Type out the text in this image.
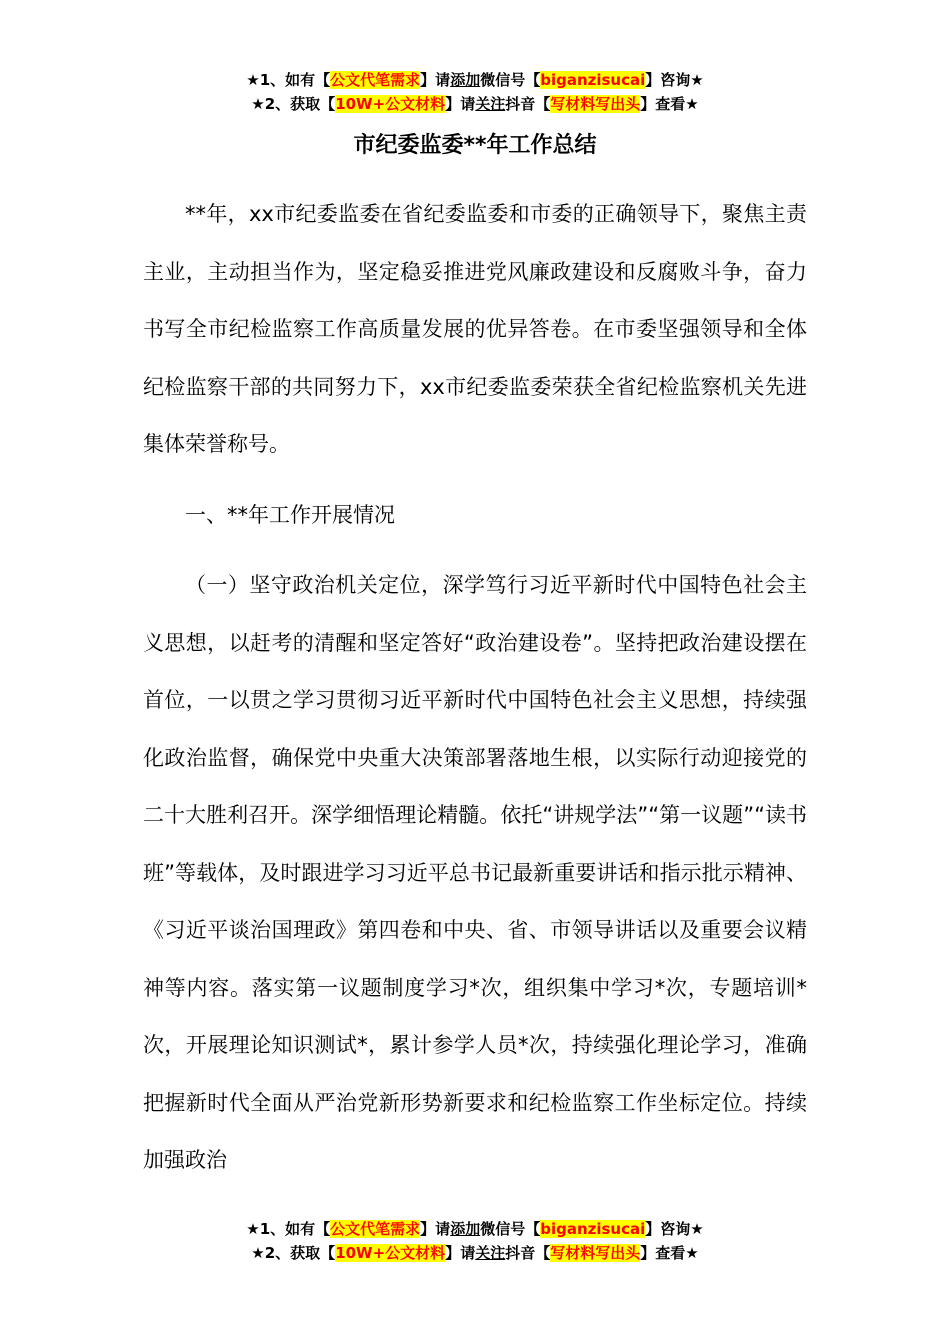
★1、如有【公文代笔需求】请添加微信号【biganzisucai】咨询★
★2、获取【10W+公文材料】请关注抖音【写材料写出头】查看★
市纪委监委**年工作总结

**年，xx市纪委监委在省纪委监委和市委的正确领导下，聚焦主责主业，主动担当作为，坚定稳妥推进党风廉政建设和反腐败斗争，奋力书写全市纪检监察工作高质量发展的优异答卷。在市委坚强领导和全体纪检监察干部的共同努力下，xx市纪委监委荣获全省纪检监察机关先进集体荣誉称号。

一、**年工作开展情况

（一）坚守政治机关定位，深学笃行习近平新时代中国特色社会主义思想，以赶考的清醒和坚定答好“政治建设卷”。坚持把政治建设摆在首位，一以贯之学习贯彻习近平新时代中国特色社会主义思想，持续强化政治监督，确保党中央重大决策部署落地生根，以实际行动迎接党的二十大胜利召开。深学细悟理论精髓。依托“讲规学法”“第一议题”“读书班”等载体，及时跟进学习习近平总书记最新重要讲话和指示批示精神、《习近平谈治国理政》第四卷和中央、省、市领导讲话以及重要会议精神等内容。落实第一议题制度学习*次，组织集中学习*次，专题培训*次，开展理论知识测试*，累计参学人员*次，持续强化理论学习，准确把握新时代全面从严治党新形势新要求和纪检监察工作坐标定位。持续加强政治

★1、如有【公文代笔需求】请添加微信号【biganzisucai】咨询★
★2、获取【10W+公文材料】请关注抖音【写材料写出头】查看★
